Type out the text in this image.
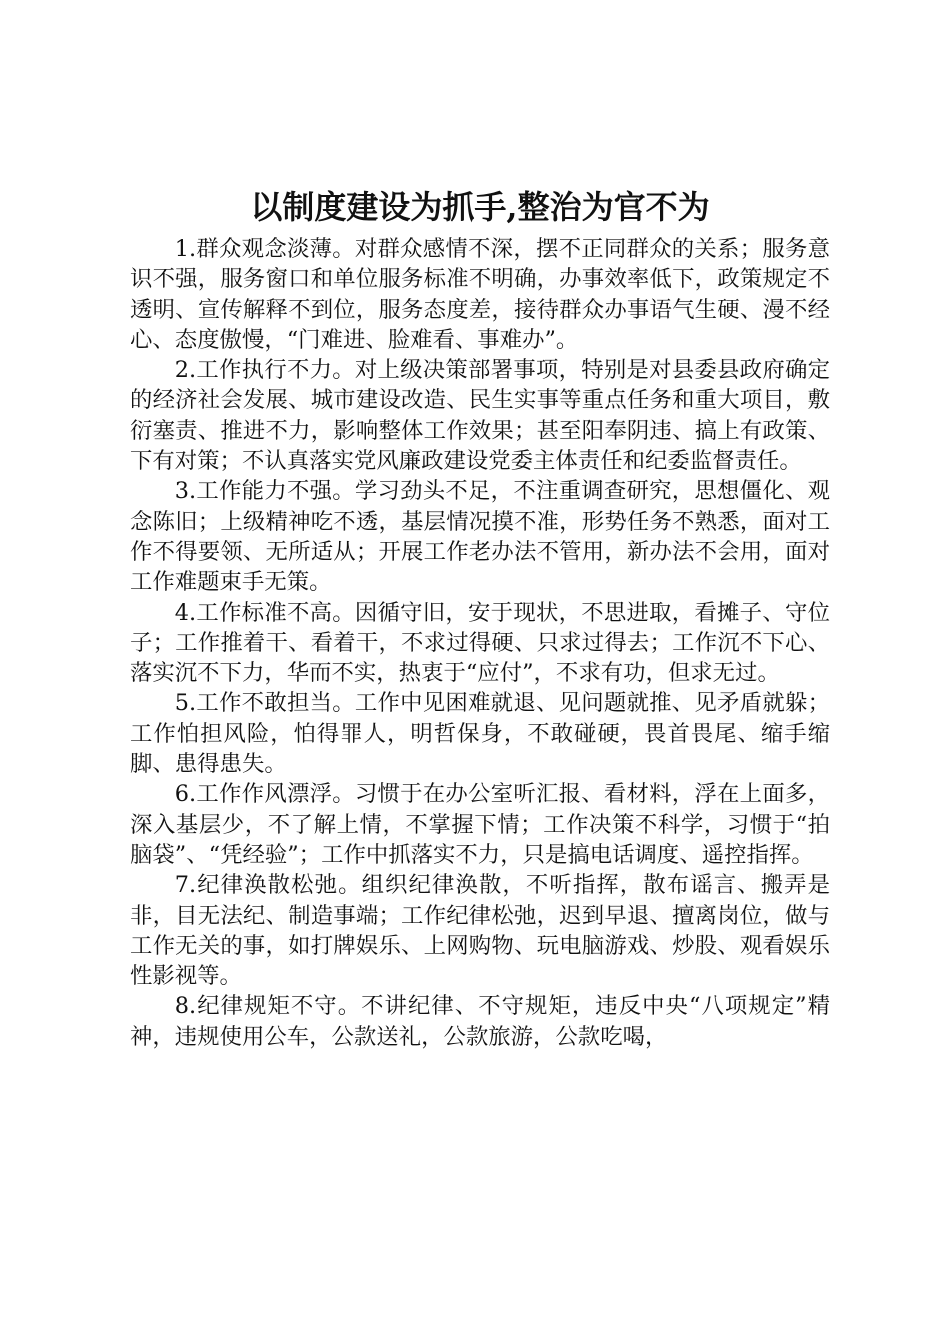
以制度建设为抓手,整治为官不为

1.群众观念淡薄。对群众感情不深，摆不正同群众的关系；服务意识不强，服务窗口和单位服务标准不明确，办事效率低下，政策规定不透明、宣传解释不到位，服务态度差，接待群众办事语气生硬、漫不经心、态度傲慢，“门难进、脸难看、事难办”。

2.工作执行不力。对上级决策部署事项，特别是对县委县政府确定的经济社会发展、城市建设改造、民生实事等重点任务和重大项目，敷衍塞责、推进不力，影响整体工作效果；甚至阳奉阴违、搞上有政策、下有对策；不认真落实党风廉政建设党委主体责任和纪委监督责任。

3.工作能力不强。学习劲头不足，不注重调查研究，思想僵化、观念陈旧；上级精神吃不透，基层情况摸不准，形势任务不熟悉，面对工作不得要领、无所适从；开展工作老办法不管用，新办法不会用，面对工作难题束手无策。

4.工作标准不高。因循守旧，安于现状，不思进取，看摊子、守位子；工作推着干、看着干，不求过得硬、只求过得去；工作沉不下心、落实沉不下力，华而不实，热衷于“应付”，不求有功，但求无过。

5.工作不敢担当。工作中见困难就退、见问题就推、见矛盾就躲；工作怕担风险，怕得罪人，明哲保身，不敢碰硬，畏首畏尾、缩手缩脚、患得患失。

6.工作作风漂浮。习惯于在办公室听汇报、看材料，浮在上面多，深入基层少，不了解上情，不掌握下情；工作决策不科学，习惯于“拍脑袋”、“凭经验”；工作中抓落实不力，只是搞电话调度、遥控指挥。

7.纪律涣散松弛。组织纪律涣散，不听指挥，散布谣言、搬弄是非，目无法纪、制造事端；工作纪律松弛，迟到早退、擅离岗位，做与工作无关的事，如打牌娱乐、上网购物、玩电脑游戏、炒股、观看娱乐性影视等。

8.纪律规矩不守。不讲纪律、不守规矩，违反中央“八项规定”精神，违规使用公车，公款送礼，公款旅游，公款吃喝，
